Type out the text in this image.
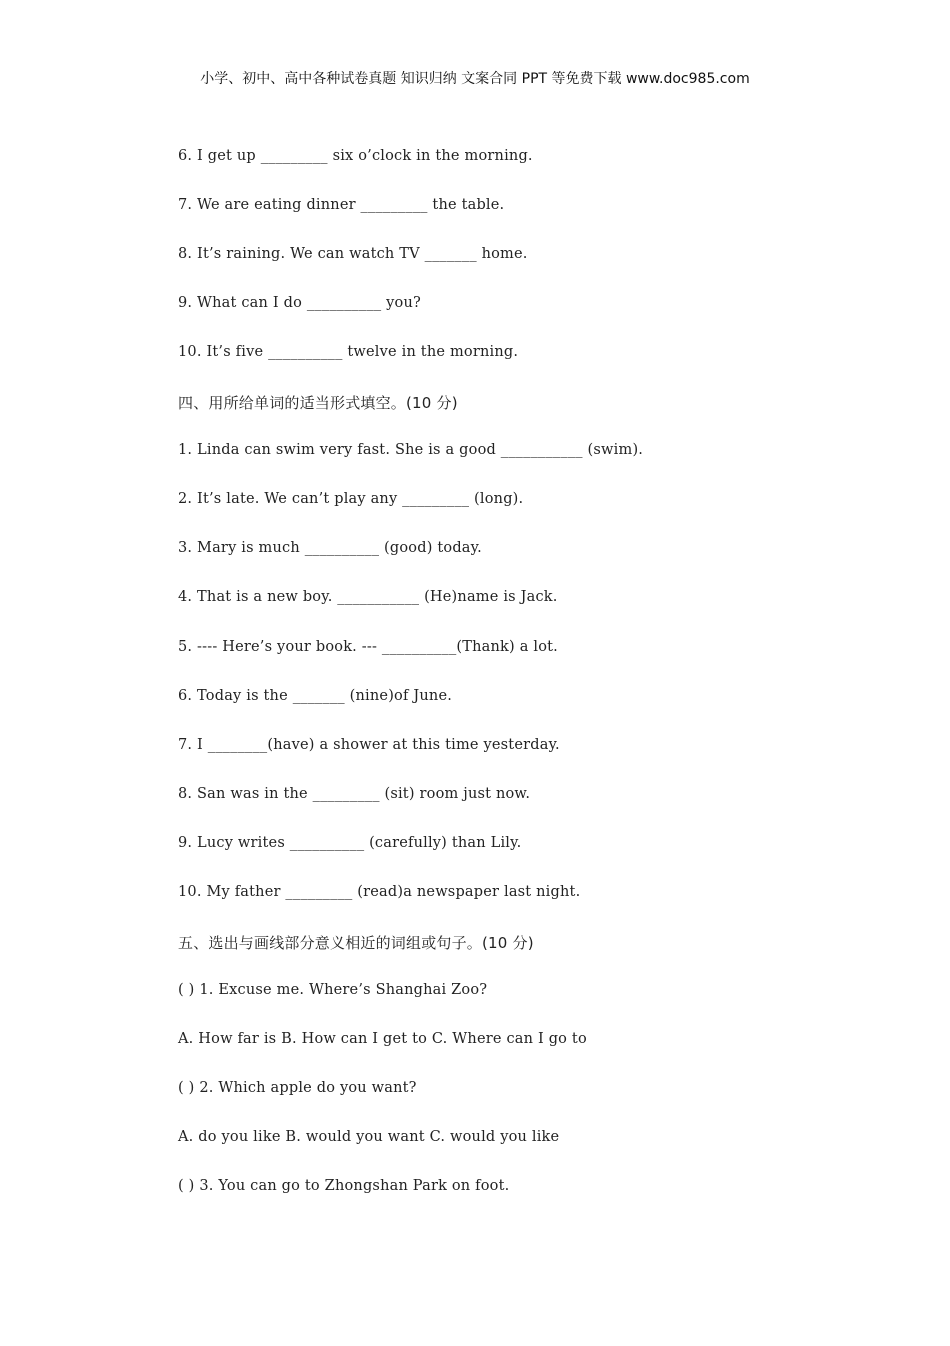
小学、初中、高中各种试卷真题 知识归纳 文案合同 PPT 等免费下载 www.doc985.com
6. I get up _________ six o’clock in the morning.
7. We are eating dinner _________ the table.
8. It’s raining. We can watch TV _______ home.
9. What can I do __________ you?
10. It’s five __________ twelve in the morning.
四、用所给单词的适当形式填空。(10 分)
1. Linda can swim very fast. She is a good ___________ (swim).
2. It’s late. We can’t play any _________ (long).
3. Mary is much __________ (good) today.
4. That is a new boy. ___________ (He)name is Jack.
5. ---- Here’s your book. --- __________(Thank) a lot.
6. Today is the _______ (nine)of June.
7. I ________(have) a shower at this time yesterday.
8. San was in the _________ (sit) room just now.
9. Lucy writes __________ (carefully) than Lily.
10. My father _________ (read)a newspaper last night.
五、选出与画线部分意义相近的词组或句子。(10 分)
( ) 1. Excuse me. Where’s Shanghai Zoo?
A. How far is B. How can I get to C. Where can I go to
( ) 2. Which apple do you want?
A. do you like B. would you want C. would you like
( ) 3. You can go to Zhongshan Park on foot.
